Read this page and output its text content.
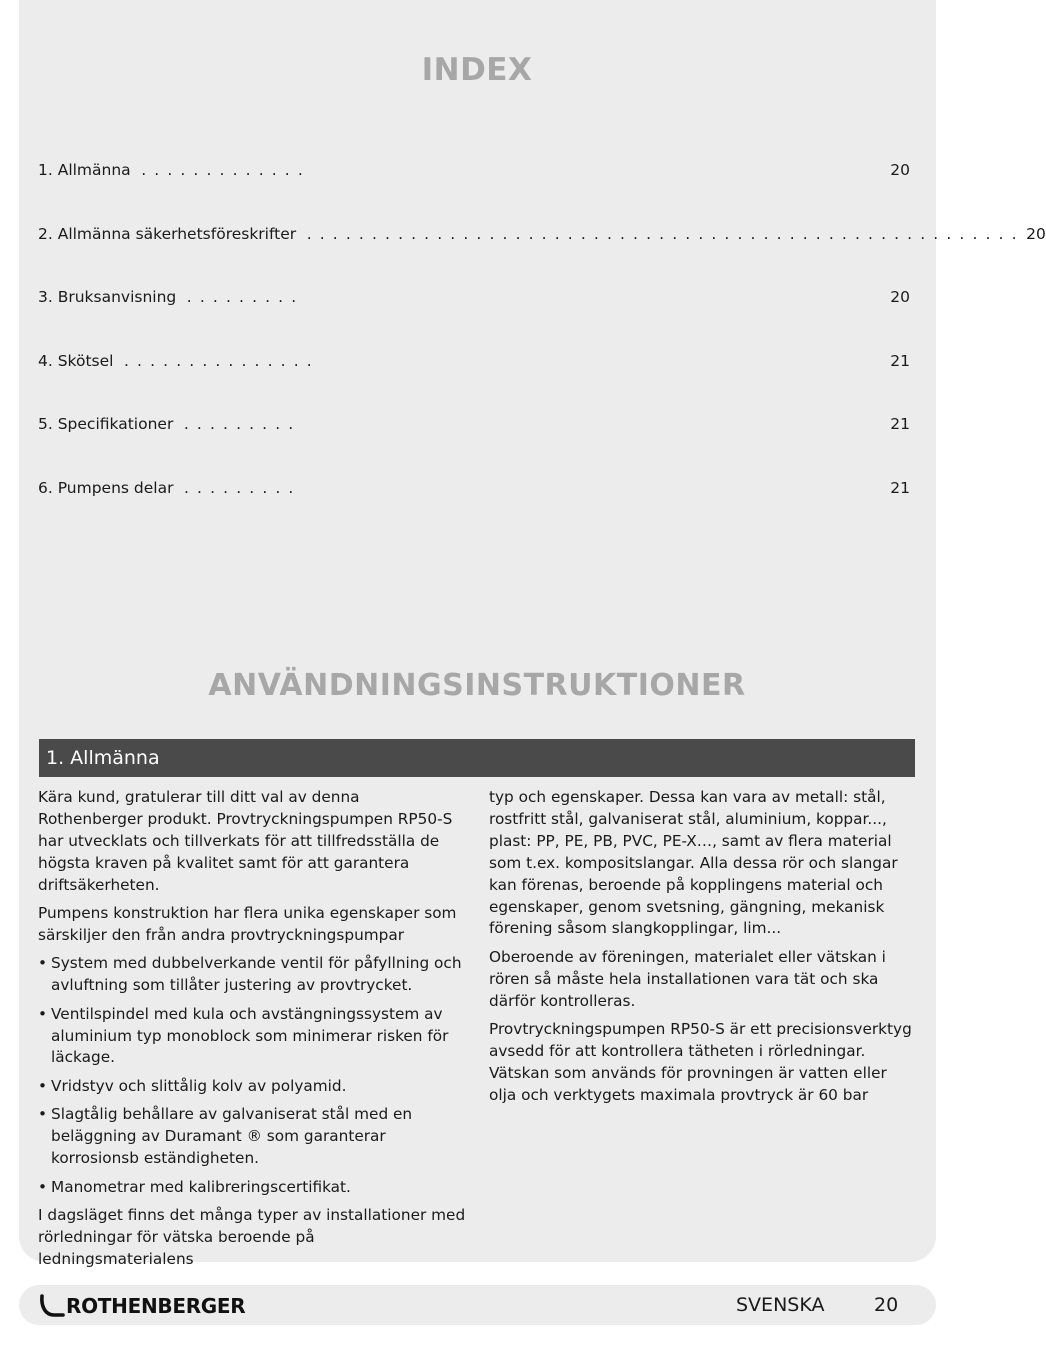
INDEX
1. Allmänna . . . . . . . . . . . . .	20
2. Allmänna säkerhetsföreskrifter . . . . . . . . . . . . . . . . . . . . . . . . . . . . . . . . . . . . . . . . . . . . . . . . . . . . . . . 20
3. Bruksanvisning . . . . . . . . .	20
4. Skötsel . . . . . . . . . . . . . . .	21
5. Specifikationer . . . . . . . . .	21
6. Pumpens delar . . . . . . . . .	21
ANVÄNDNINGSINSTRUKTIONER
1. Allmänna

Kära kund, gratulerar till ditt val av denna Rothenberger produkt. Provtryckningspumpen RP50-S har utvecklats och tillverkats för att tillfredsställa de högsta kraven på kvalitet samt för att garantera driftsäkerheten.

Pumpens konstruktion har flera unika egenskaper som särskiljer den från andra provtryckningspumpar

• System med dubbelverkande ventil för påfyllning och avluftning som tillåter justering av provtrycket.
• Ventilspindel med kula och avstängningssystem av aluminium typ monoblock som minimerar risken för läckage.
• Vridstyv och slittålig kolv av polyamid.
• Slagtålig behållare av galvaniserat stål med en beläggning av Duramant ® som garanterar korrosionsb eständigheten.
• Manometrar med kalibreringscertifikat.

I dagsläget finns det många typer av installationer med rörledningar för vätska beroende på ledningsmaterialens

typ och egenskaper. Dessa kan vara av metall: stål, rostfritt stål, galvaniserat stål, aluminium, koppar..., plast: PP, PE, PB, PVC, PE-X…, samt av flera material som t.ex. kompositslangar. Alla dessa rör och slangar kan förenas, beroende på kopplingens material och egenskaper, genom svetsning, gängning, mekanisk förening såsom slangkopplingar, lim...

Oberoende av föreningen, materialet eller vätskan i rören så måste hela installationen vara tät och ska därför kontrolleras.

Provtryckningspumpen RP50-S är ett precisionsverktyg avsedd för att kontrollera tätheten i rörledningar. Vätskan som används för provningen är vatten eller olja och verktygets maximala provtryck är 60 bar

ROTHENBERGER	SVENSKA	20
